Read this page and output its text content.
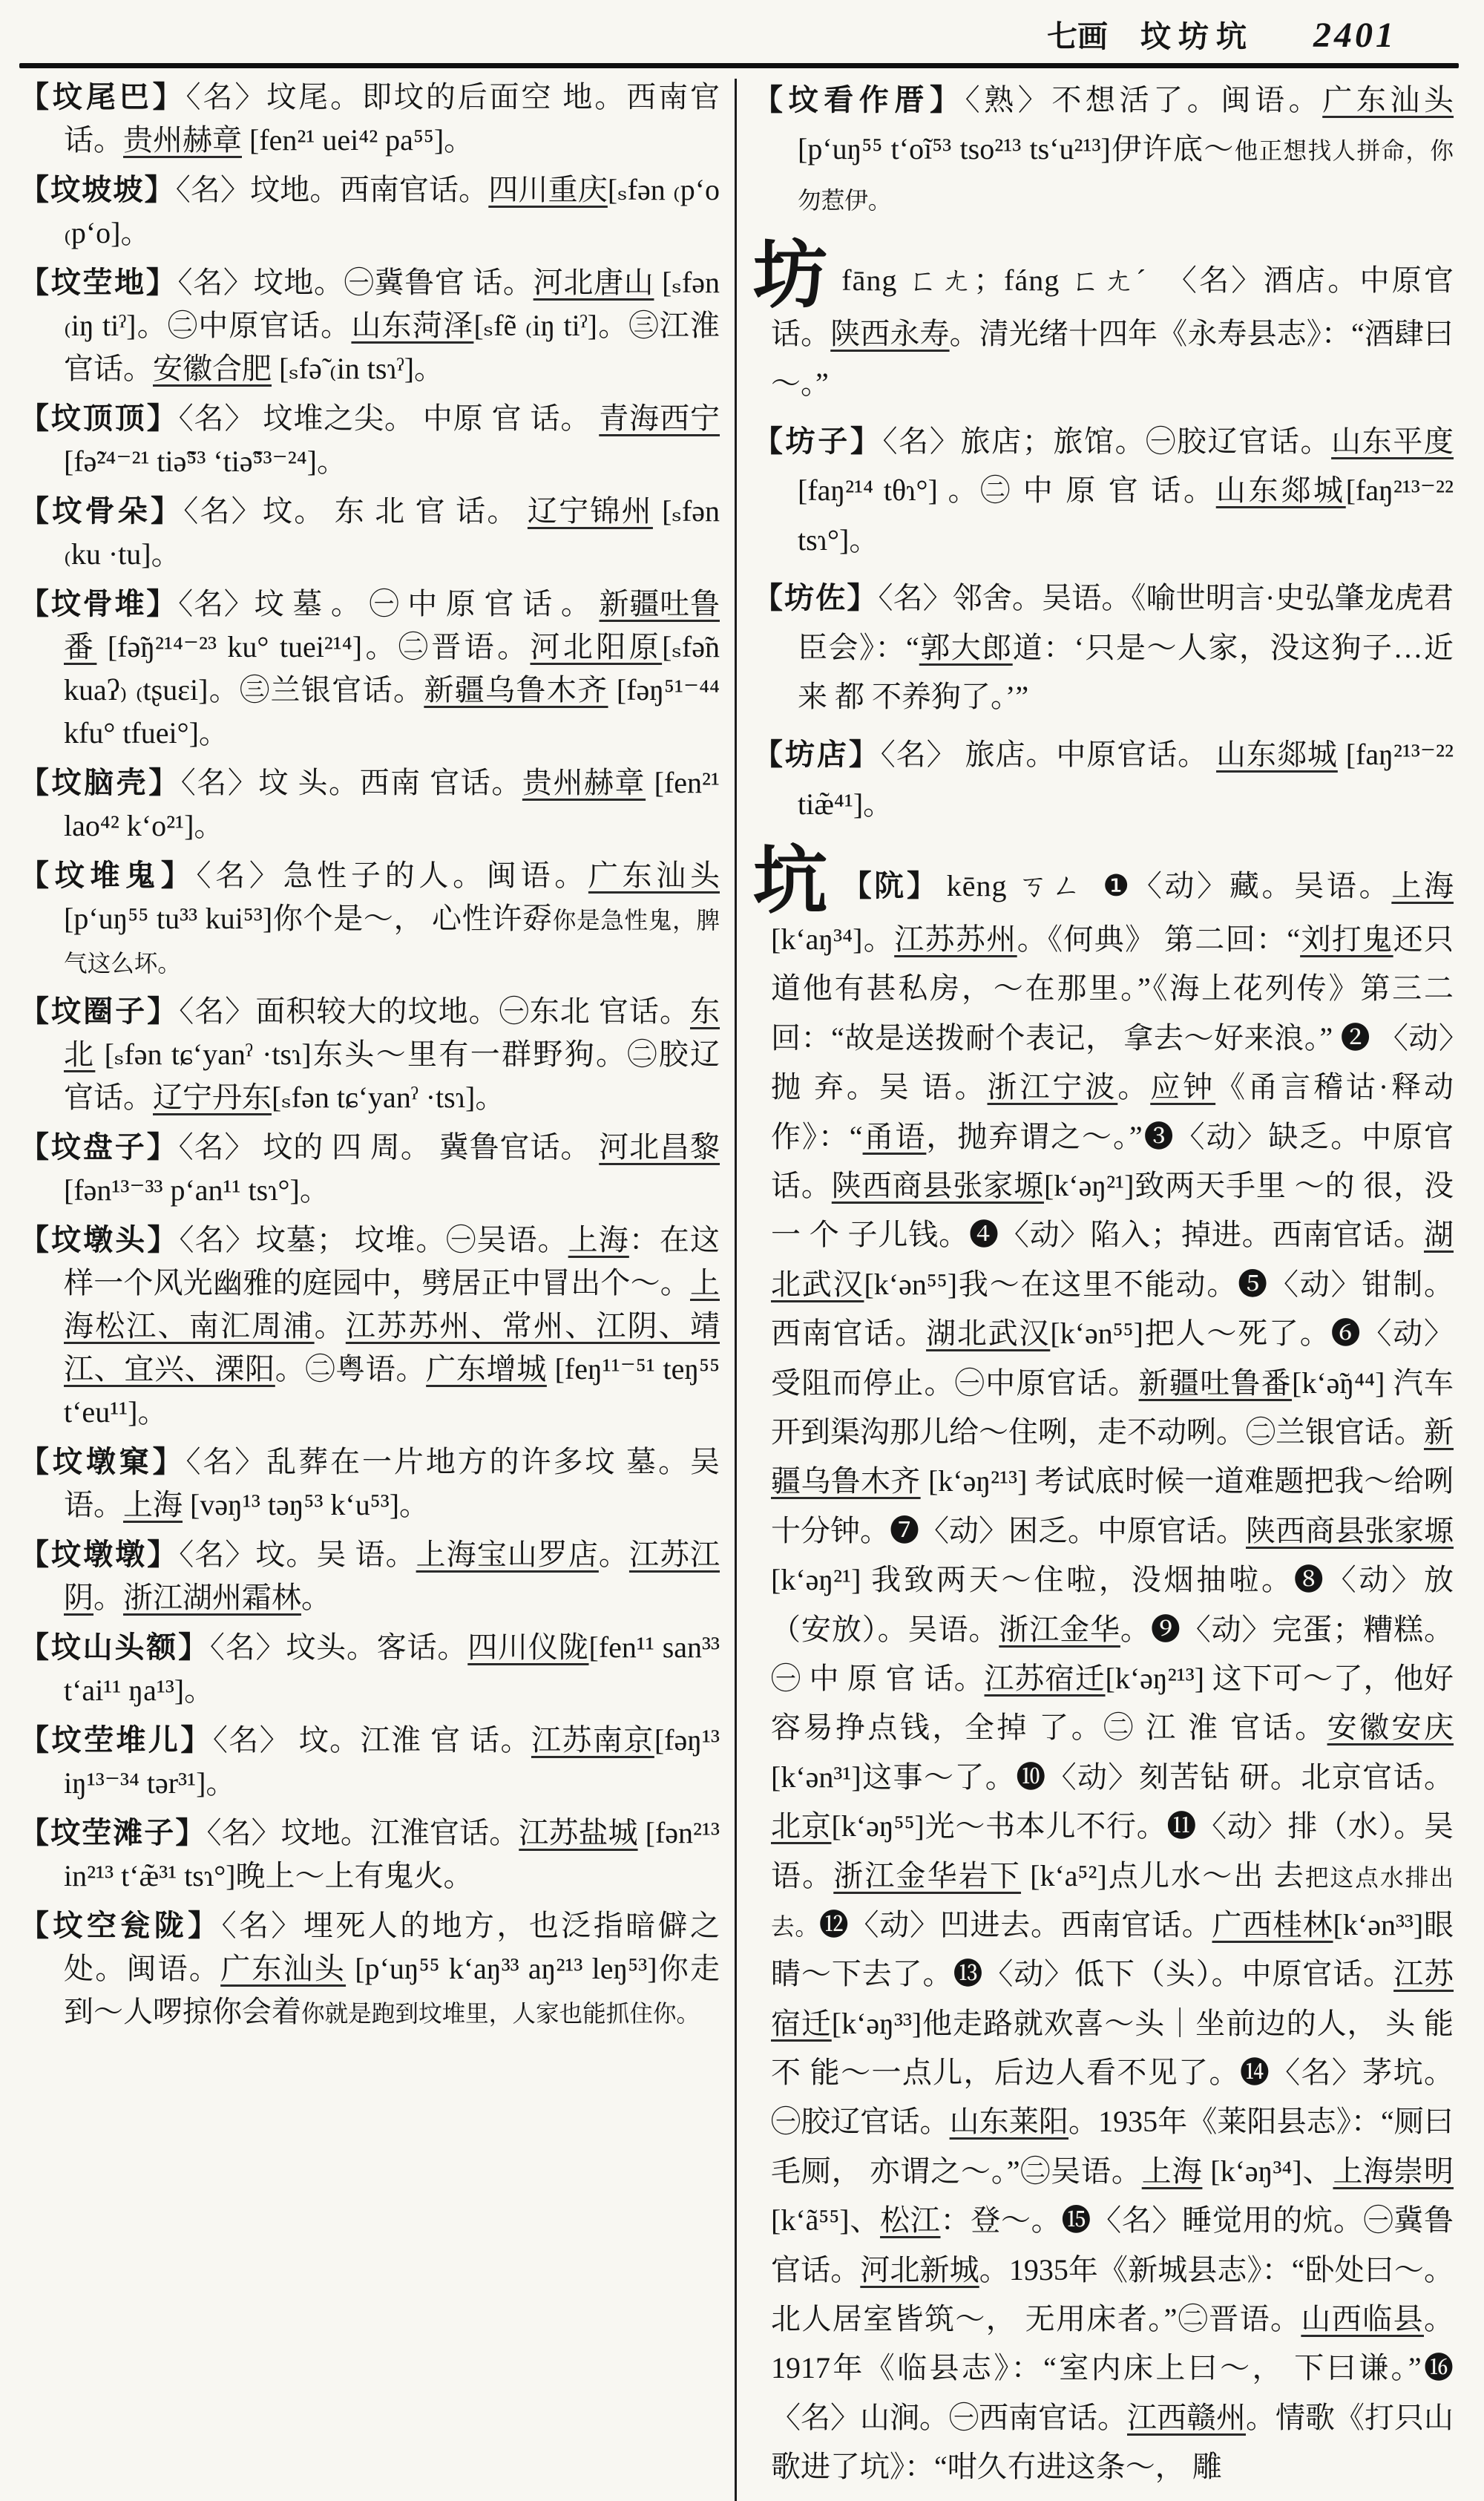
七画 坟坊坑 2401
【坟尾巴】〈名〉坟尾。即坟的后面空 地。西南官话。贵州赫章 [fen²¹ uei⁴² pa⁵⁵]。
【坟坡坡】〈名〉坟地。西南官话。四川重庆[ₛfən ₍p‘o ₍p‘o]。
【坟茔地】〈名〉坟地。㊀冀鲁官 话。河北唐山 [ₛfən ₍iŋ tiˀ]。㊁中原官话。山东菏泽[ₛfẽ ₍iŋ tiˀ]。㊂江淮官话。安徽合肥 [ₛfə̃ ₍in tsɿˀ]。
【坟顶顶】〈名〉 坟堆之尖。 中原 官 话。 青海西宁 [fə̃²⁴⁻²¹ tiə̃⁵³ ‘tiə̃⁵³⁻²⁴]。
【坟骨朵】〈名〉坟。 东 北 官 话。 辽宁锦州 [ₛfən ₍ku ·tu]。
【坟骨堆】〈名〉坟 墓 。 ㊀ 中 原 官 话 。 新疆吐鲁番 [fə̃ŋ²¹⁴⁻²³ ku° tuei²¹⁴]。㊁晋语。河北阳原[ₛfə̃n kuaʔ₎ ₍tʂuɛi]。㊂兰银官话。新疆乌鲁木齐 [fəŋ⁵¹⁻⁴⁴ kfu° tfuei°]。
【坟脑壳】〈名〉坟 头。西南 官话。贵州赫章 [fen²¹ lao⁴² k‘o²¹]。
【坟堆鬼】〈名〉急性子的人。闽语。广东汕头 [p‘uŋ⁵⁵ tu³³ kui⁵³]你个是～， 心性许孬你是急性鬼，脾气这么坏。
【坟圈子】〈名〉面积较大的坟地。㊀东北 官话。东北 [ₛfən tɕ‘yanˀ ·tsɿ]东头～里有一群野狗。㊁胶辽官话。辽宁丹东[ₛfən tɕ‘yanˀ ·tsɿ]。
【坟盘子】〈名〉 坟的 四 周。 冀鲁官话。 河北昌黎 [fən¹³⁻³³ p‘an¹¹ tsɿ°]。
【坟墩头】〈名〉坟墓； 坟堆。㊀吴语。上海：在这样一个风光幽雅的庭园中，劈居正中冒出个～。上海松江、南汇周浦。江苏苏州、常州、江阴、靖江、宜兴、溧阳。㊁粤语。广东增城 [feŋ¹¹⁻⁵¹ teŋ⁵⁵ t‘eu¹¹]。
【坟墩窠】〈名〉乱葬在一片地方的许多坟 墓。吴语。上海 [vəŋ¹³ təŋ⁵³ k‘u⁵³]。
【坟墩墩】〈名〉坟。吴 语。上海宝山罗店。江苏江阴。浙江湖州霜林。
【坟山头额】〈名〉坟头。客话。四川仪陇[fen¹¹ san³³ t‘ai¹¹ ŋa¹³]。
【坟茔堆儿】〈名〉 坟。江淮 官 话。江苏南京[fəŋ¹³ iŋ¹³⁻³⁴ tər³¹]。
【坟茔滩子】〈名〉坟地。江淮官话。江苏盐城 [fən²¹³ in²¹³ t‘æ̃³¹ tsɿ°]晚上～上有鬼火。
【坟空瓮陇】〈名〉埋死人的地方，也泛指暗僻之处。闽语。广东汕头 [p‘uŋ⁵⁵ k‘aŋ³³ aŋ²¹³ leŋ⁵³]你走到～人啰掠你会着你就是跑到坟堆里，人家也能抓住你。
【坟看作厝】〈熟〉不想活了。闽语。广东汕头 [p‘uŋ⁵⁵ t‘oĩ⁵³ tso²¹³ ts‘u²¹³]伊许底～他正想找人拼命，你勿惹伊。
坊fāng ㄈㄤ；fáng ㄈㄤˊ 〈名〉酒店。中原官话。陕西永寿。清光绪十四年《永寿县志》：“酒肆曰～。”
【坊子】〈名〉旅店；旅馆。㊀胶辽官话。山东平度 [faŋ²¹⁴ tθɿ°] 。㊁ 中 原 官 话。山东郯城[faŋ²¹³⁻²² tsɿ°]。
【坊佐】〈名〉邻舍。吴语。《喻世明言·史弘肇龙虎君臣会》：“郭大郎道：‘只是～人家，没这狗子…近来 都 不养狗了。’”
【坊店】〈名〉 旅店。中原官话。 山东郯城 [faŋ²¹³⁻²² tiæ̃⁴¹]。
坑 【阬】 kēng ㄎㄥ ❶〈动〉藏。吴语。上海[k‘aŋ³⁴]。江苏苏州。《何典》 第二回：“刘打鬼还只道他有甚私房，～在那里。”《海上花列传》第三二回：“故是送拨耐个表记， 拿去～好来浪。” ❷ 〈动〉抛 弃。吴 语。浙江宁波。应钟《甬言稽诂·释动作》：“甬语，抛弃谓之～。”❸〈动〉缺乏。中原官话。陕西商县张家塬[k‘əŋ²¹]致两天手里 ～的 很，没一 个 子儿钱。❹〈动〉陷入；掉进。西南官话。湖北武汉[k‘ən⁵⁵]我～在这里不能动。❺〈动〉钳制。西南官话。湖北武汉[k‘ən⁵⁵]把人～死了。❻〈动〉受阻而停止。㊀中原官话。新疆吐鲁番[k‘ə̃ŋ⁴⁴] 汽车开到渠沟那儿给～住咧，走不动咧。㊁兰银官话。新疆乌鲁木齐 [k‘əŋ²¹³] 考试底时候一道难题把我～给咧十分钟。❼〈动〉困乏。中原官话。陕西商县张家塬[k‘əŋ²¹] 我致两天～住啦，没烟抽啦。❽〈动〉放（安放）。吴语。浙江金华。❾〈动〉完蛋；糟糕。㊀ 中 原 官 话。江苏宿迁[k‘əŋ²¹³] 这下可～了，他好容易挣点钱，全掉 了。㊁ 江 淮 官话。安徽安庆[k‘ən³¹]这事～了。❿〈动〉刻苦钻 研。北京官话。北京[k‘əŋ⁵⁵]光～书本儿不行。⓫〈动〉排（水）。吴语。浙江金华岩下 [k‘a⁵²]点儿水～出 去把这点水排出去。⓬〈动〉凹进去。西南官话。广西桂林[k‘ən³³]眼睛～下去了。⓭〈动〉低下（头）。中原官话。江苏宿迁[k‘əŋ³³]他走路就欢喜～头｜坐前边的人， 头 能 不 能～一点儿，后边人看不见了。⓮〈名〉茅坑。㊀胶辽官话。山东莱阳。1935年《莱阳县志》：“厕曰毛厕， 亦谓之～。”㊁吴语。上海 [k‘əŋ³⁴]、上海崇明 [k‘ã⁵⁵]、松江：登～。⓯〈名〉睡觉用的炕。㊀冀鲁官话。河北新城。1935年《新城县志》：“卧处曰～。北人居室皆筑～， 无用床者。”㊁晋语。山西临县。1917年《临县志》：“室内床上曰～， 下曰谦。”⓰〈名〉山涧。㊀西南官话。江西赣州。情歌《打只山歌进了坑》：“咁久冇进这条～， 雕
